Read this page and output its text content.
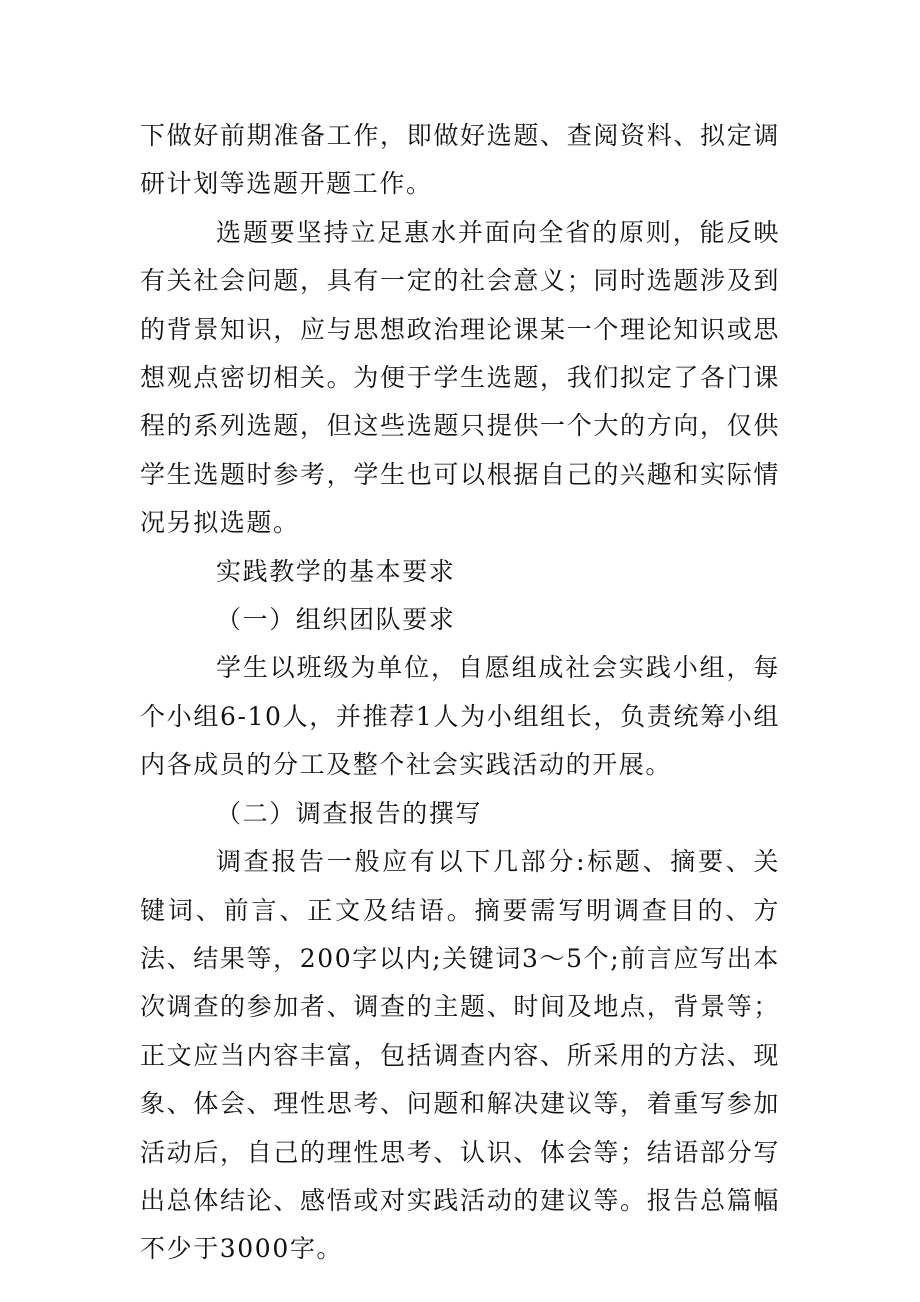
下做好前期准备工作，即做好选题、查阅资料、拟定调研计划等选题开题工作。

选题要坚持立足惠水并面向全省的原则，能反映有关社会问题，具有一定的社会意义；同时选题涉及到的背景知识，应与思想政治理论课某一个理论知识或思想观点密切相关。为便于学生选题，我们拟定了各门课程的系列选题，但这些选题只提供一个大的方向，仅供学生选题时参考，学生也可以根据自己的兴趣和实际情况另拟选题。

实践教学的基本要求

（一）组织团队要求

学生以班级为单位，自愿组成社会实践小组，每个小组6-10人，并推荐1人为小组组长，负责统筹小组内各成员的分工及整个社会实践活动的开展。

（二）调查报告的撰写

调查报告一般应有以下几部分:标题、摘要、关键词、前言、正文及结语。摘要需写明调查目的、方法、结果等，200字以内;关键词3～5个;前言应写出本次调查的参加者、调查的主题、时间及地点，背景等；正文应当内容丰富，包括调查内容、所采用的方法、现象、体会、理性思考、问题和解决建议等，着重写参加活动后，自己的理性思考、认识、体会等；结语部分写出总体结论、感悟或对实践活动的建议等。报告总篇幅不少于3000字。
